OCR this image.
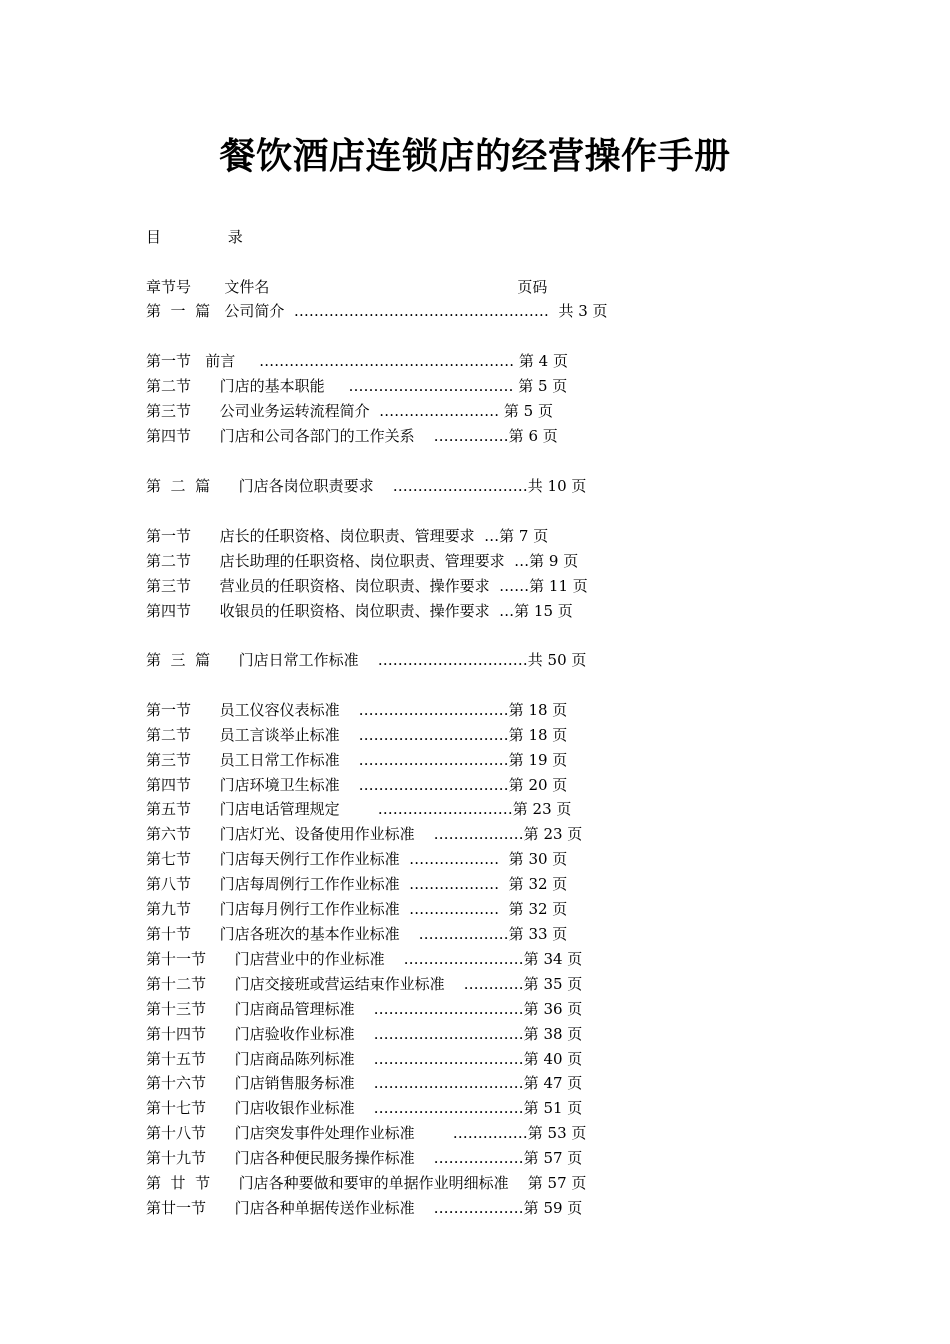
餐饮酒店连锁店的经营操作手册
目              录
章节号       文件名                                                    页码
第  一  篇   公司简介  ……………………………………………  共 3 页
第一节   前言     …………………………………………… 第 4 页
第二节      门店的基本职能     …………………………… 第 5 页
第三节      公司业务运转流程简介  …………………… 第 5 页
第四节      门店和公司各部门的工作关系    ……………第 6 页
第  二  篇      门店各岗位职责要求    ………………………共 10 页
第一节      店长的任职资格、岗位职责、管理要求  …第 7 页
第二节      店长助理的任职资格、岗位职责、管理要求  …第 9 页
第三节      营业员的任职资格、岗位职责、操作要求  ……第 11 页
第四节      收银员的任职资格、岗位职责、操作要求  …第 15 页
第  三  篇      门店日常工作标准    …………………………共 50 页
第一节      员工仪容仪表标准    …………………………第 18 页
第二节      员工言谈举止标准    …………………………第 18 页
第三节      员工日常工作标准    …………………………第 19 页
第四节      门店环境卫生标准    …………………………第 20 页
第五节      门店电话管理规定        ………………………第 23 页
第六节      门店灯光、设备使用作业标准    ………………第 23 页
第七节      门店每天例行工作作业标准  ………………  第 30 页
第八节      门店每周例行工作作业标准  ………………  第 32 页
第九节      门店每月例行工作作业标准  ………………  第 32 页
第十节      门店各班次的基本作业标准    ………………第 33 页
第十一节      门店营业中的作业标准    ……………………第 34 页
第十二节      门店交接班或营运结束作业标准    …………第 35 页
第十三节      门店商品管理标准    …………………………第 36 页
第十四节      门店验收作业标准    …………………………第 38 页
第十五节      门店商品陈列标准    …………………………第 40 页
第十六节      门店销售服务标准    …………………………第 47 页
第十七节      门店收银作业标准    …………………………第 51 页
第十八节      门店突发事件处理作业标准        ……………第 53 页
第十九节      门店各种便民服务操作标准    ………………第 57 页
第  廿  节      门店各种要做和要审的单据作业明细标准    第 57 页
第廿一节      门店各种单据传送作业标准    ………………第 59 页
